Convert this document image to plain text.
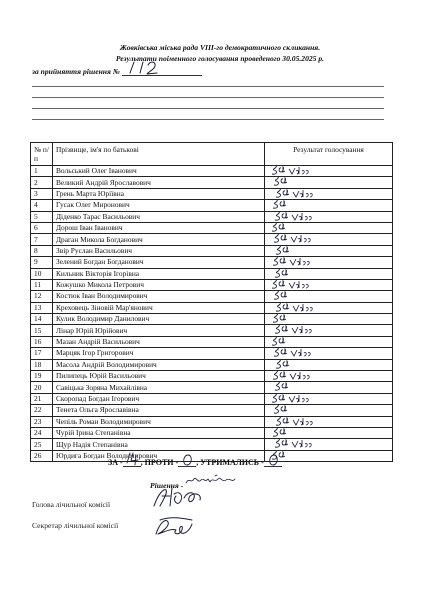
Жовківська міська рада VIII-го демократичного скликання.
Результати поіменного голосування проведеного 30.05.2025 р.
за прийняття рішення №
№ п/п	Прізвище, ім'я по батькові	Результат голосування
1	Вольський Олег Іванович	

2	Великий Андрій Ярославович	

3	Грень Марта Юріївна	

4	Гусак Олег Миронович	

5	Діденко Тарас Васильович	

6	Дорош Іван Іванович	

7	Драган Микола Богданович	

8	Звір Руслан Васильович	

9	Зелений Богдан Богданович	

10	Кильник Вікторія Ігорівна	

11	Кожушко Микола Петрович	

12	Костюк Іван Володимирович	

13	Креховець Зіновій Мар'янович	

14	Кулик Володимир Данилович	

15	Лінар Юрій Юрійович	

16	Мазан Андрій Васильович	

17	Марцяк Ігор Григорович	

18	Масола Андрій Володимирович	

19	Пилипець Юрій Васильович	

20	Савіцька Зоряна Михайлівна	

21	Скоропад Богдан Ігорович	

22	Тенета Ольга Ярославівна	

23	Чепіль Роман Володимирович	

24	Чурій Ірина Степанівна	

25	Щур Надія Степанівна	

26	Юрдига Богдан Володимирович	
ЗА - , ПРОТИ - , УТРИМАЛИСЬ -
Рішення -
Голова лічильної комісії
Секретар лічильної комісії
